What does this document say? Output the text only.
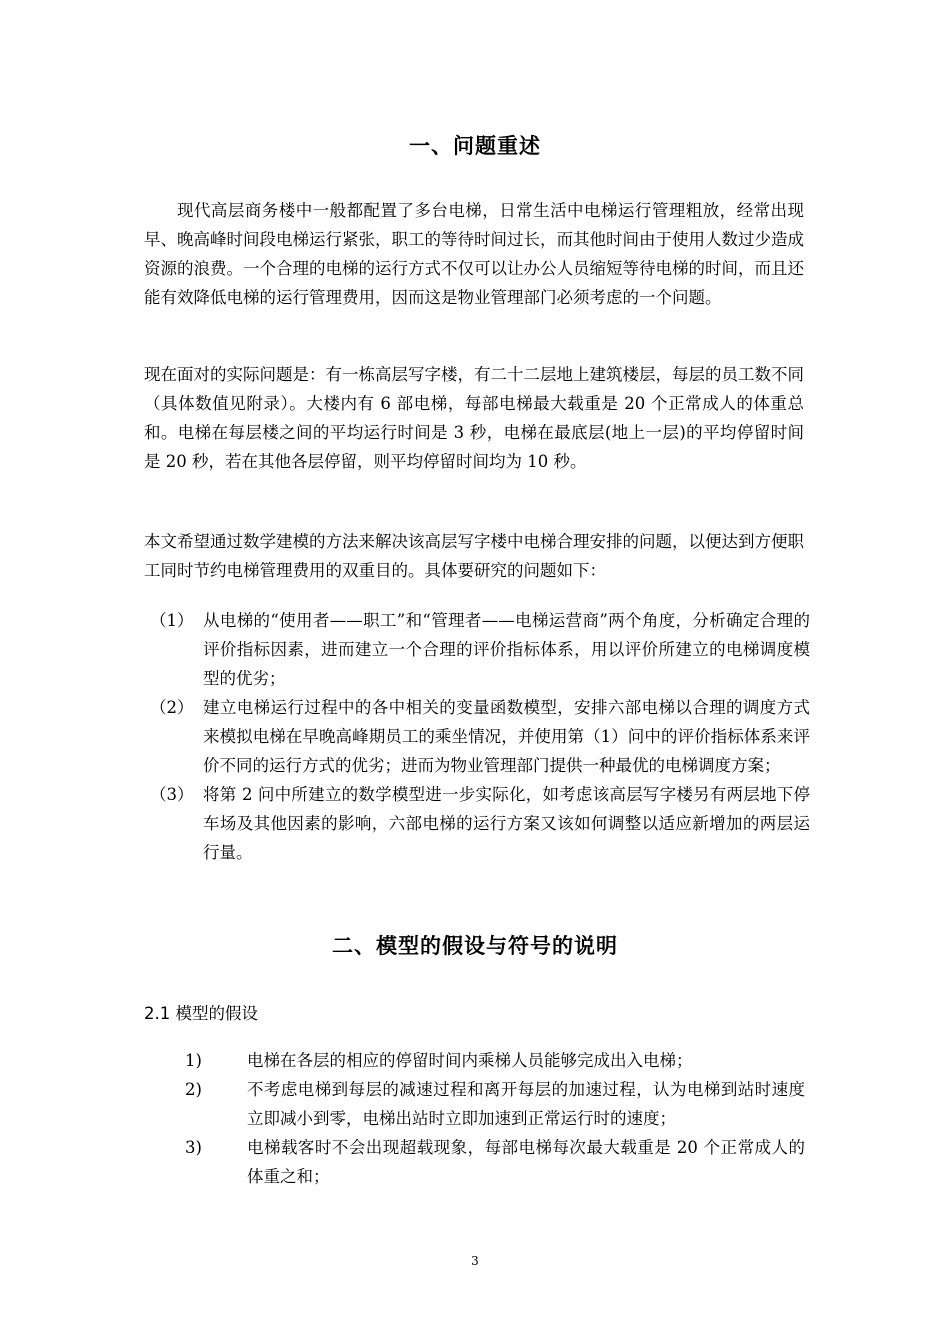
一、问题重述
现代高层商务楼中一般都配置了多台电梯，日常生活中电梯运行管理粗放，经常出现早、晚高峰时间段电梯运行紧张，职工的等待时间过长，而其他时间由于使用人数过少造成资源的浪费。一个合理的电梯的运行方式不仅可以让办公人员缩短等待电梯的时间，而且还能有效降低电梯的运行管理费用，因而这是物业管理部门必须考虑的一个问题。
现在面对的实际问题是：有一栋高层写字楼，有二十二层地上建筑楼层，每层的员工数不同（具体数值见附录）。大楼内有 6 部电梯，每部电梯最大载重是 20 个正常成人的体重总和。电梯在每层楼之间的平均运行时间是 3 秒，电梯在最底层(地上一层)的平均停留时间是 20 秒，若在其他各层停留，则平均停留时间均为 10 秒。
本文希望通过数学建模的方法来解决该高层写字楼中电梯合理安排的问题，以便达到方便职工同时节约电梯管理费用的双重目的。具体要研究的问题如下：
（1） 从电梯的“使用者——职工”和“管理者——电梯运营商”两个角度，分析确定合理的评价指标因素，进而建立一个合理的评价指标体系，用以评价所建立的电梯调度模型的优劣；
（2） 建立电梯运行过程中的各中相关的变量函数模型，安排六部电梯以合理的调度方式来模拟电梯在早晚高峰期员工的乘坐情况，并使用第（1）问中的评价指标体系来评价不同的运行方式的优劣；进而为物业管理部门提供一种最优的电梯调度方案；
（3） 将第 2 问中所建立的数学模型进一步实际化，如考虑该高层写字楼另有两层地下停车场及其他因素的影响，六部电梯的运行方案又该如何调整以适应新增加的两层运行量。
二、模型的假设与符号的说明
2.1 模型的假设
1)	电梯在各层的相应的停留时间内乘梯人员能够完成出入电梯；
2)	不考虑电梯到每层的减速过程和离开每层的加速过程，认为电梯到站时速度立即减小到零，电梯出站时立即加速到正常运行时的速度；
3)	电梯载客时不会出现超载现象，每部电梯每次最大载重是 20 个正常成人的体重之和；
3
